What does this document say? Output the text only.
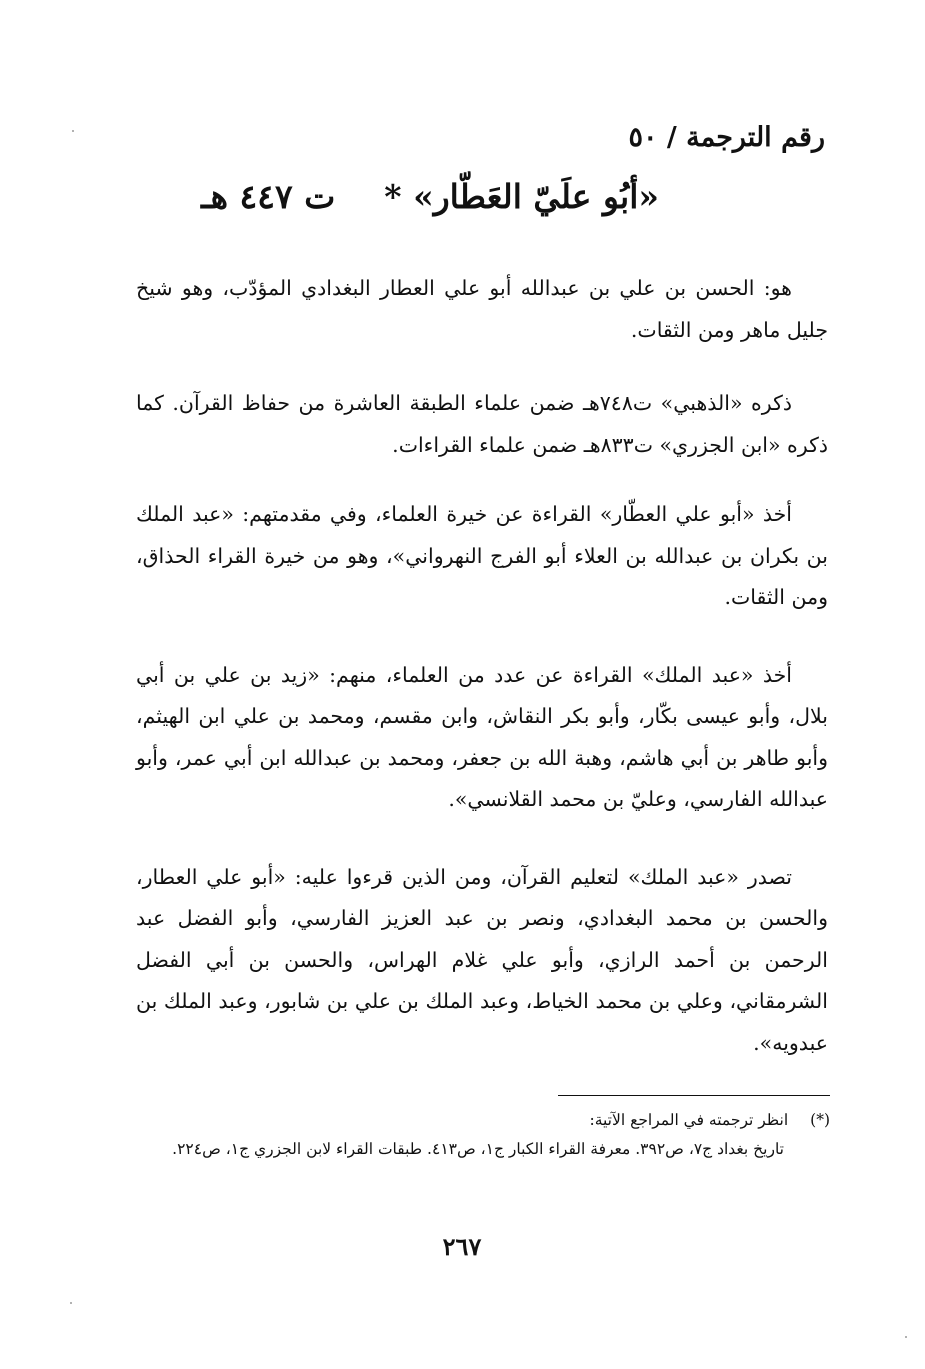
رقم الترجمة / ٥٠
«أبُو علَيّ العَطّار» *  ت ٤٤٧ هـ

هو: الحسن بن علي بن عبدالله أبو علي العطار البغدادي المؤدّب، وهو شيخ جليل ماهر ومن الثقات.

ذكره «الذهبي» ت٧٤٨هـ ضمن علماء الطبقة العاشرة من حفاظ القرآن. كما ذكره «ابن الجزري» ت٨٣٣هـ ضمن علماء القراءات.

أخذ «أبو علي العطّار» القراءة عن خيرة العلماء، وفي مقدمتهم: «عبد الملك بن بكران بن عبدالله بن العلاء أبو الفرج النهرواني»، وهو من خيرة القراء الحذاق، ومن الثقات.

أخذ «عبد الملك» القراءة عن عدد من العلماء، منهم: «زيد بن علي بن أبي بلال، وأبو عيسى بكّار، وأبو بكر النقاش، وابن مقسم، ومحمد بن علي ابن الهيثم، وأبو طاهر بن أبي هاشم، وهبة الله بن جعفر، ومحمد بن عبدالله ابن أبي عمر، وأبو عبدالله الفارسي، وعليّ بن محمد القلانسي».

تصدر «عبد الملك» لتعليم القرآن، ومن الذين قرءوا عليه: «أبو علي العطار، والحسن بن محمد البغدادي، ونصر بن عبد العزيز الفارسي، وأبو الفضل عبد الرحمن بن أحمد الرازي، وأبو علي غلام الهراس، والحسن بن أبي الفضل الشرمقاني، وعلي بن محمد الخياط، وعبد الملك بن علي بن شابور، وعبد الملك بن عبدويه».

(*)انظر ترجمته في المراجع الآتية:
تاريخ بغداد ج٧، ص٣٩٢. معرفة القراء الكبار ج١، ص٤١٣. طبقات القراء لابن الجزري ج١، ص٢٢٤.
٢٦٧
